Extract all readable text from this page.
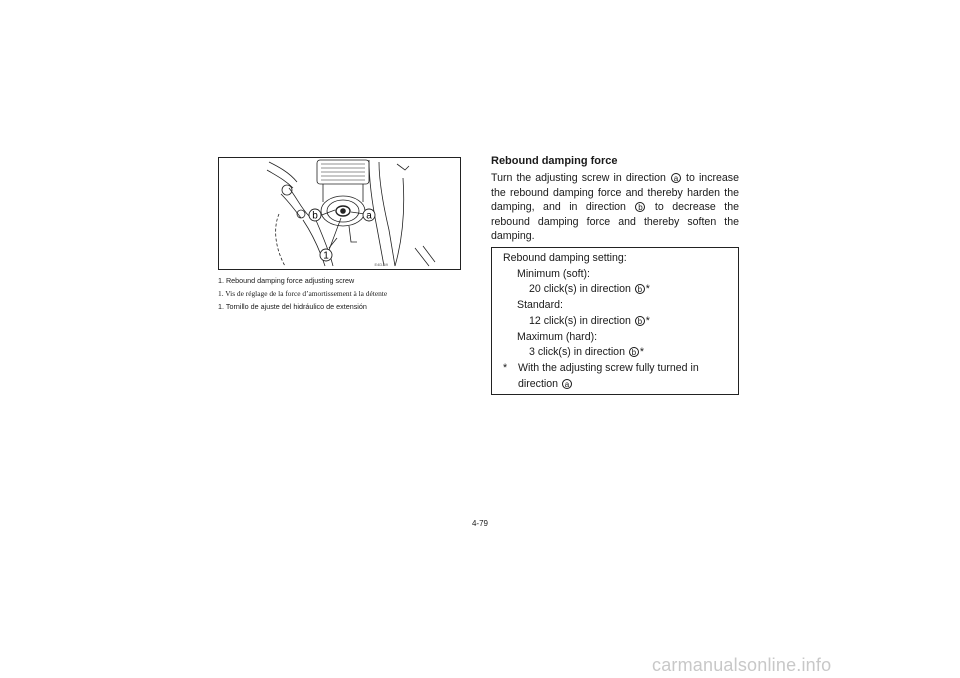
b	a
1
E4D-59
1. Rebound damping force adjusting screw
1. Vis de réglage de la force d’amortissement à la détente
1. Tornillo de ajuste del hidráulico de extensión
Rebound damping force

Turn the adjusting screw in direction a to increase the rebound damping force and thereby harden the damping, and in direction b to decrease the rebound damping force and thereby soften the damping.

Rebound damping setting:
Minimum (soft):
20 click(s) in direction b *
Standard:
12 click(s) in direction b *
Maximum (hard):
3 click(s) in direction b *
* With the adjusting screw fully turned in
direction a
4-79
carmanualsonline.info
